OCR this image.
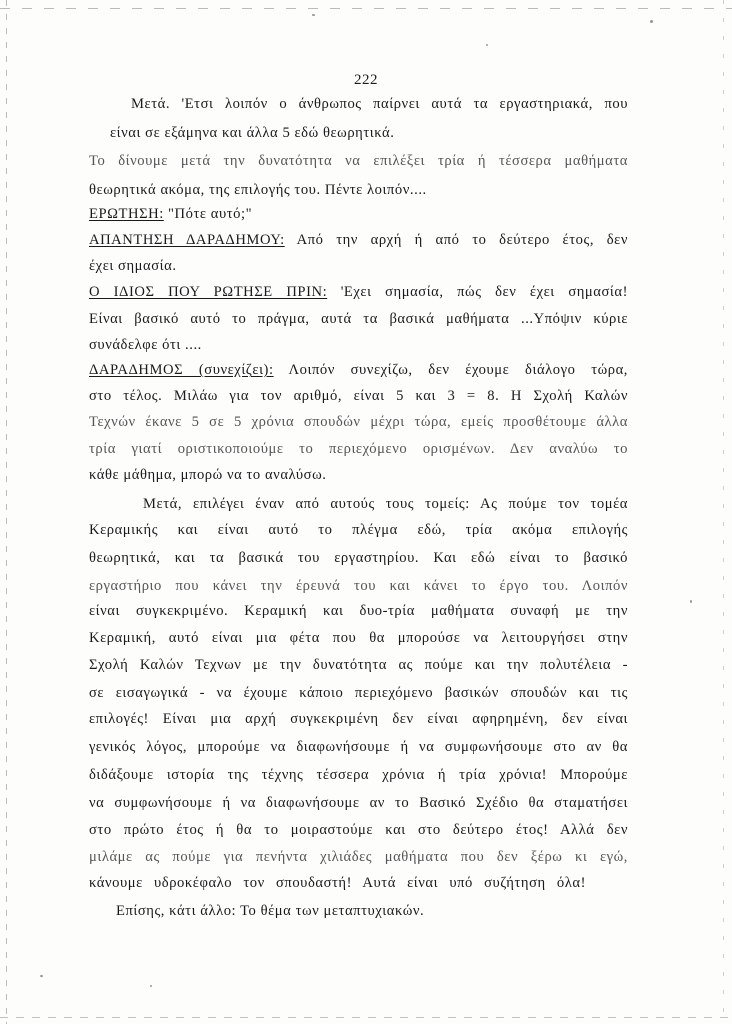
222
Μετά. 'Ετσι λοιπόν ο άνθρωπος παίρνει αυτά τα εργαστηριακά, που
είναι σε εξάμηνα και άλλα 5 εδώ θεωρητικά.
Το δίνουμε μετά την δυνατότητα να επιλέξει τρία ή τέσσερα μαθήματα
θεωρητικά ακόμα, της επιλογής του. Πέντε λοιπόν....
ΕΡΩΤΗΣΗ: "Πότε αυτό;"
ΑΠΑΝΤΗΣΗ ΔΑΡΑΔΗΜΟΥ: Από την αρχή ή από το δεύτερο έτος, δεν
έχει σημασία.
Ο ΙΔΙΟΣ ΠΟΥ ΡΩΤΗΣΕ ΠΡΙΝ: 'Εχει σημασία, πώς δεν έχει σημασία!
Είναι βασικό αυτό το πράγμα, αυτά τα βασικά μαθήματα ...Υπόψιν κύριε
συνάδελφε ότι ....
ΔΑΡΑΔΗΜΟΣ (συνεχίζει): Λοιπόν συνεχίζω, δεν έχουμε διάλογο τώρα,
στο τέλος. Μιλάω για τον αριθμό, είναι 5 και 3 = 8. Η Σχολή Καλών
Τεχνών έκανε 5 σε 5 χρόνια σπουδών μέχρι τώρα, εμείς προσθέτουμε άλλα
τρία γιατί οριστικοποιούμε το περιεχόμενο ορισμένων. Δεν αναλύω το
κάθε μάθημα, μπορώ να το αναλύσω.
Μετά, επιλέγει έναν από αυτούς τους τομείς: Ας πούμε τον τομέα
Κεραμικής και είναι αυτό το πλέγμα εδώ, τρία ακόμα επιλογής
θεωρητικά, και τα βασικά του εργαστηρίου. Και εδώ είναι το βασικό
εργαστήριο που κάνει την έρευνά του και κάνει το έργο του. Λοιπόν
είναι συγκεκριμένο. Κεραμική και δυο-τρία μαθήματα συναφή με την
Κεραμική, αυτό είναι μια φέτα που θα μπορούσε να λειτουργήσει στην
Σχολή Καλών Τεχνων με την δυνατότητα ας πούμε και την πολυτέλεια -
σε εισαγωγικά - να έχουμε κάποιο περιεχόμενο βασικών σπουδών και τις
επιλογές! Είναι μια αρχή συγκεκριμένη δεν είναι αφηρημένη, δεν είναι
γενικός λόγος, μπορούμε να διαφωνήσουμε ή να συμφωνήσουμε στο αν θα
διδάξουμε ιστορία της τέχνης τέσσερα χρόνια ή τρία χρόνια! Μπορούμε
να συμφωνήσουμε ή να διαφωνήσουμε αν το Βασικό Σχέδιο θα σταματήσει
στο πρώτο έτος ή θα το μοιραστούμε και στο δεύτερο έτος! Αλλά δεν
μιλάμε ας πούμε για πενήντα χιλιάδες μαθήματα που δεν ξέρω κι εγώ,
κάνουμε υδροκέφαλο τον σπουδαστή! Αυτά είναι υπό συζήτηση όλα!
Επίσης, κάτι άλλο: Το θέμα των μεταπτυχιακών.
